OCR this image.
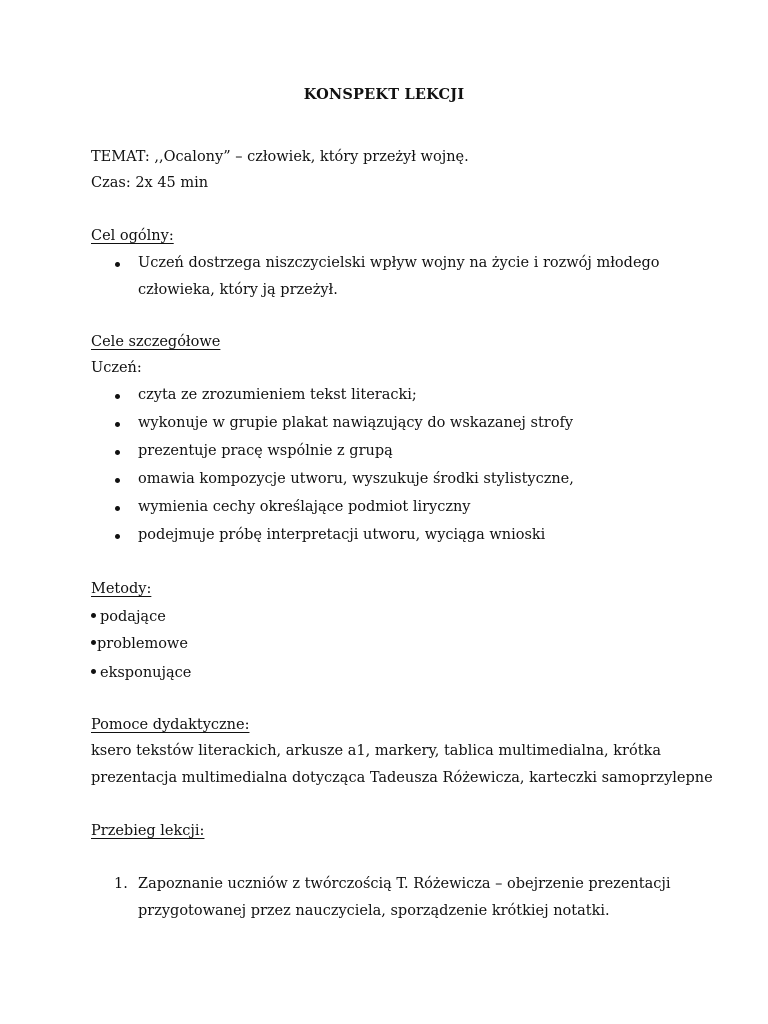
KONSPEKT LEKCJI
TEMAT: ,,Ocalony” – człowiek, który przeżył wojnę.
Czas: 2x 45 min
Cel ogólny:
Uczeń dostrzega niszczycielski wpływ wojny na życie i rozwój młodego
człowieka, który ją przeżył.
Cele szczegółowe
Uczeń:
czyta ze zrozumieniem tekst literacki;
wykonuje w grupie plakat nawiązujący do wskazanej strofy
prezentuje pracę wspólnie z grupą
omawia kompozycje utworu, wyszukuje środki stylistyczne,
wymienia cechy określające podmiot liryczny
podejmuje próbę interpretacji utworu, wyciąga wnioski
Metody:
podające
problemowe
eksponujące
Pomoce dydaktyczne:
ksero tekstów literackich, arkusze a1, markery, tablica multimedialna, krótka
prezentacja multimedialna dotycząca Tadeusza Różewicza, karteczki samoprzylepne
Przebieg lekcji:
1. Zapoznanie uczniów z twórczością T. Różewicza – obejrzenie prezentacji
przygotowanej przez nauczyciela, sporządzenie krótkiej notatki.
